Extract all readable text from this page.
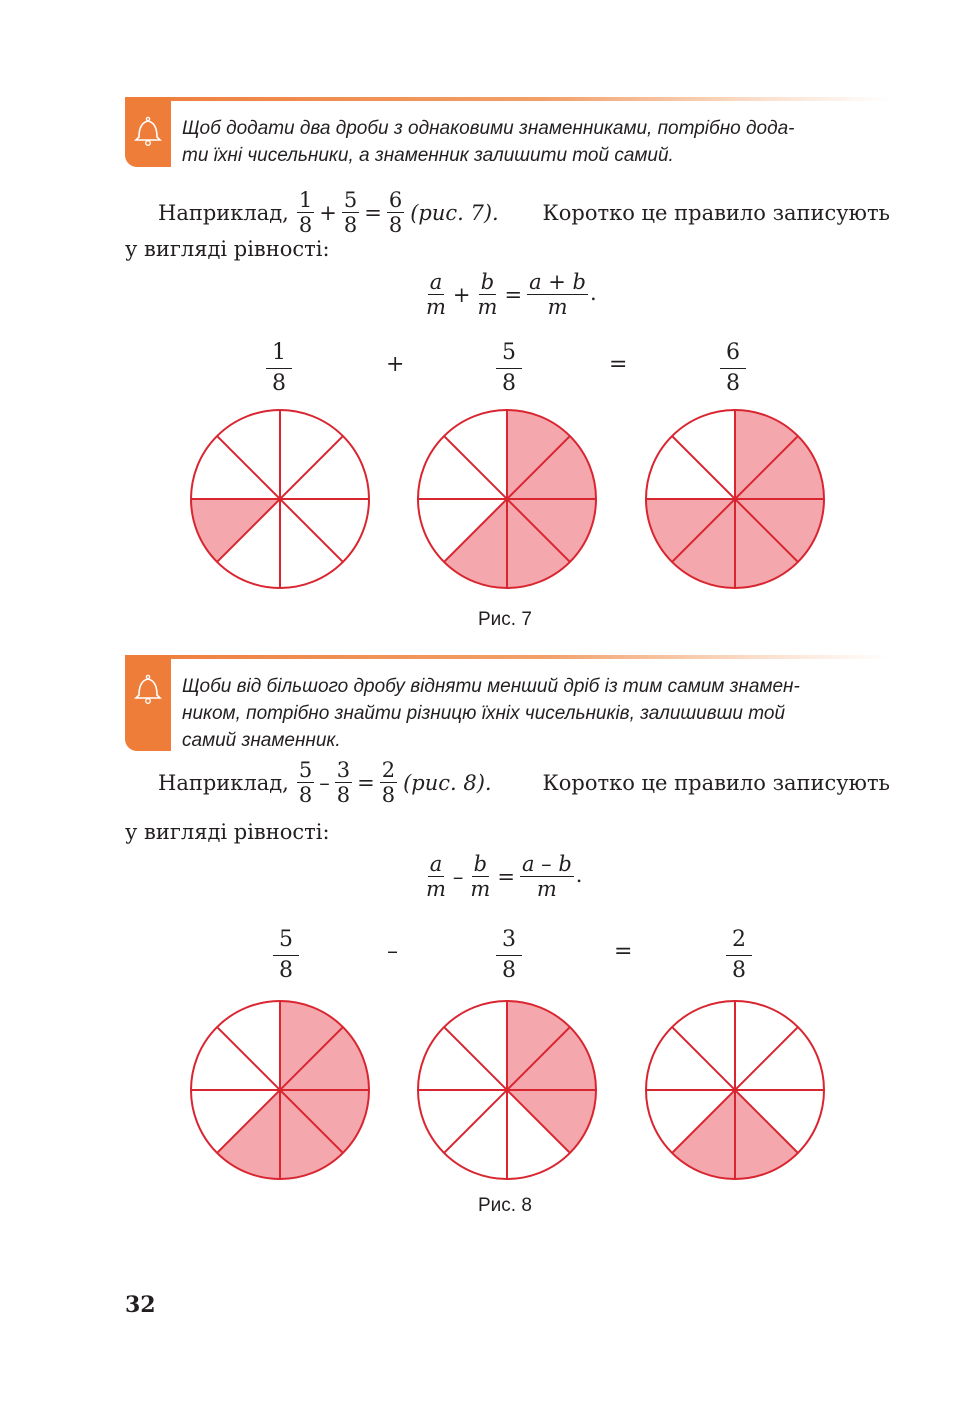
Щоб додати два дроби з однаковими знаменниками, потрібно дода-
ти їхні чисельники, а знаменник залишити той самий.
Наприклад, $\frac{1}{8} + \frac{5}{8} = \frac{6}{8} (рис$. 7). Коротко це правило записують
у вигляді рівності:
$\frac{a}{m} + \frac{b}{m} = \frac{a + b}{m}$ .
1
8
+	5
8
=	6
8
Рис. 7
Щоби від більшого дробу відняти менший дріб із тим самим знамен-
ником, потрібно знайти різницю їхніх чисельників, залишивши той
самий знаменник.
Наприклад, $\frac{5}{8} - \frac{3}{8} = \frac{2}{8} (рис$. 8). Коротко це правило записують
у вигляді рівності:
$\frac{a}{m} - \frac{b}{m} = \frac{a - b}{m}$ .
5
8
–	3
8
=	2
8
Рис. 8
32
